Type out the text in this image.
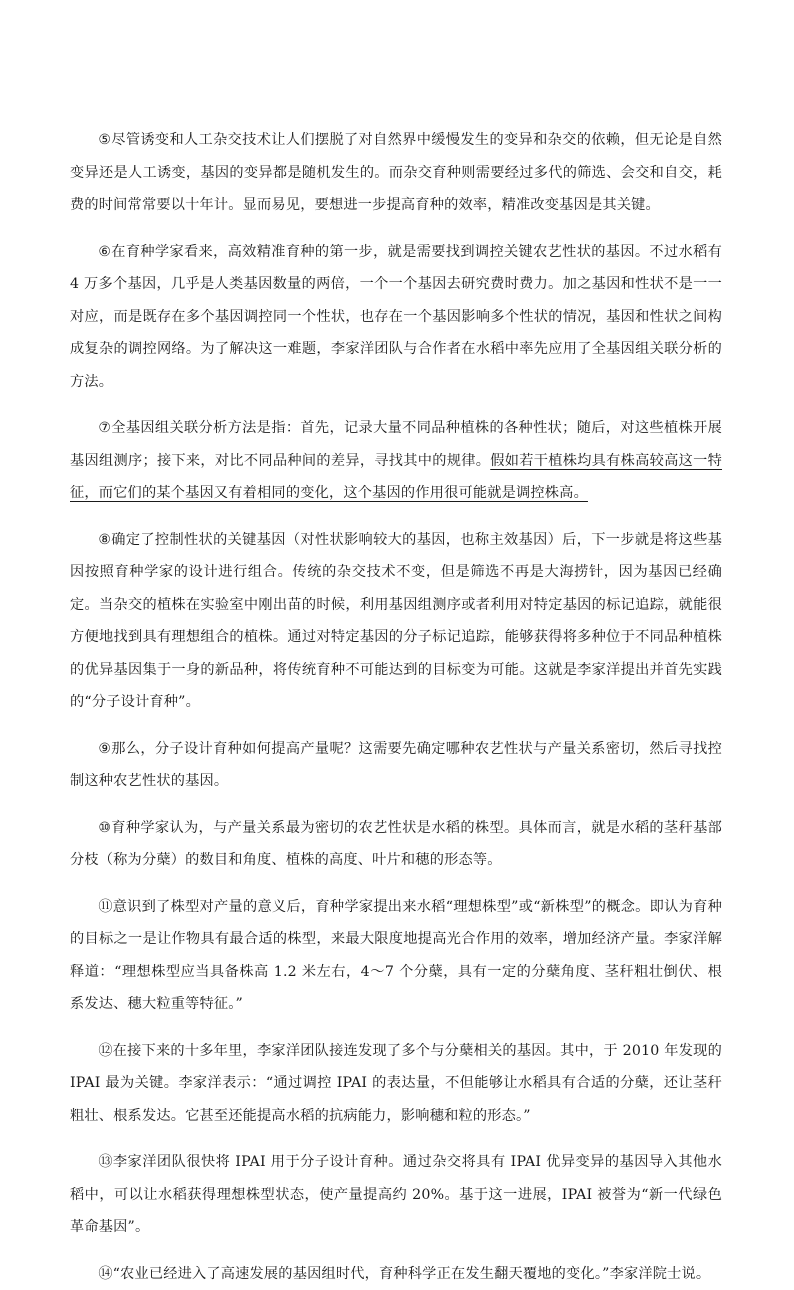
⑤尽管诱变和人工杂交技术让人们摆脱了对自然界中缓慢发生的变异和杂交的依赖，但无论是自然变异还是人工诱变，基因的变异都是随机发生的。而杂交育种则需要经过多代的筛选、会交和自交，耗费的时间常常要以十年计。显而易见，要想进一步提高育种的效率，精准改变基因是其关键。

⑥在育种学家看来，高效精准育种的第一步，就是需要找到调控关键农艺性状的基因。不过水稻有 4 万多个基因，几乎是人类基因数量的两倍，一个一个基因去研究费时费力。加之基因和性状不是一一对应，而是既存在多个基因调控同一个性状，也存在一个基因影响多个性状的情况，基因和性状之间构成复杂的调控网络。为了解决这一难题，李家洋团队与合作者在水稻中率先应用了全基因组关联分析的方法。

⑦全基因组关联分析方法是指：首先，记录大量不同品种植株的各种性状；随后，对这些植株开展基因组测序；接下来，对比不同品种间的差异，寻找其中的规律。假如若干植株均具有株高较高这一特征，而它们的某个基因又有着相同的变化，这个基因的作用很可能就是调控株高。

⑧确定了控制性状的关键基因（对性状影响较大的基因，也称主效基因）后，下一步就是将这些基因按照育种学家的设计进行组合。传统的杂交技术不变，但是筛选不再是大海捞针，因为基因已经确定。当杂交的植株在实验室中刚出苗的时候，利用基因组测序或者利用对特定基因的标记追踪，就能很方便地找到具有理想组合的植株。通过对特定基因的分子标记追踪，能够获得将多种位于不同品种植株的优异基因集于一身的新品种，将传统育种不可能达到的目标变为可能。这就是李家洋提出并首先实践的“分子设计育种”。

⑨那么，分子设计育种如何提高产量呢？这需要先确定哪种农艺性状与产量关系密切，然后寻找控制这种农艺性状的基因。

⑩育种学家认为，与产量关系最为密切的农艺性状是水稻的株型。具体而言，就是水稻的茎秆基部分枝（称为分蘖）的数目和角度、植株的高度、叶片和穗的形态等。

⑪意识到了株型对产量的意义后，育种学家提出来水稻“理想株型”或“新株型”的概念。即认为育种的目标之一是让作物具有最合适的株型，来最大限度地提高光合作用的效率，增加经济产量。李家洋解释道：“理想株型应当具备株高 1.2 米左右，4～7 个分蘖，具有一定的分蘖角度、茎秆粗壮倒伏、根系发达、穗大粒重等特征。”

⑫在接下来的十多年里，李家洋团队接连发现了多个与分蘖相关的基因。其中，于 2010 年发现的 IPAI 最为关键。李家洋表示：“通过调控 IPAI 的表达量，不但能够让水稻具有合适的分蘖，还让茎秆粗壮、根系发达。它甚至还能提高水稻的抗病能力，影响穗和粒的形态。”

⑬李家洋团队很快将 IPAI 用于分子设计育种。通过杂交将具有 IPAI 优异变异的基因导入其他水稻中，可以让水稻获得理想株型状态，使产量提高约 20%。基于这一进展，IPAI 被誉为“新一代绿色革命基因”。

⑭“农业已经进入了高速发展的基因组时代，育种科学正在发生翻天覆地的变化。”李家洋院士说。
